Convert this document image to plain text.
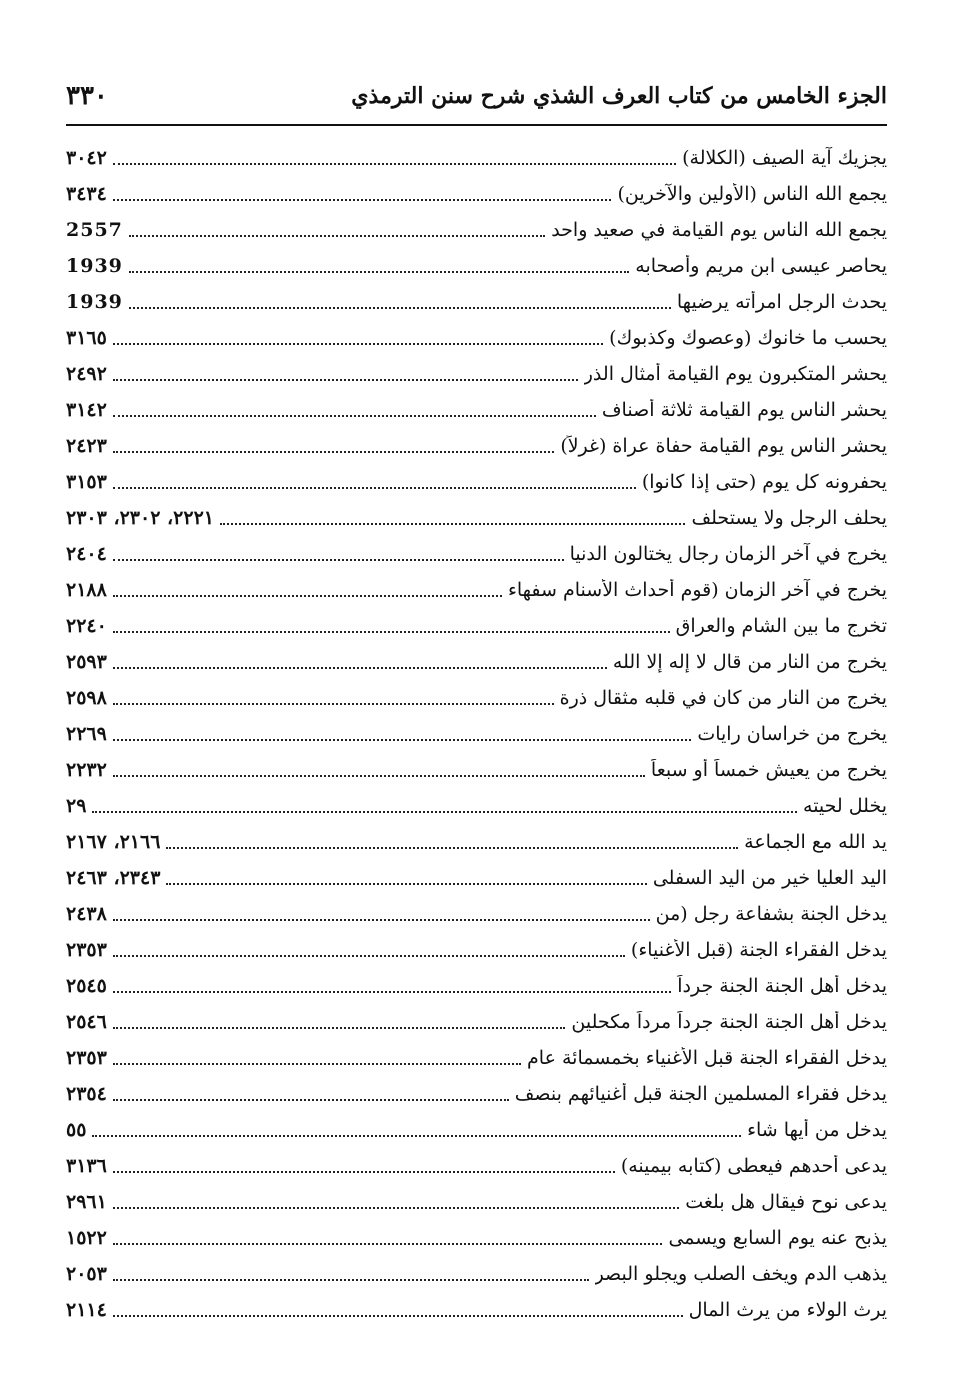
٣٣٠	الجزء الخامس من كتاب العرف الشذي شرح سنن الترمذي
يجزيك آية الصيف (الكلالة)
٣٠٤٢
يجمع الله الناس (الأولين والآخرين)
٣٤٣٤
يجمع الله الناس يوم القيامة في صعيد واحد
2557
يحاصر عيسى ابن مريم وأصحابه
1939
يحدث الرجل امرأته يرضيها
1939
يحسب ما خانوك (وعصوك وكذبوك)
٣١٦٥
يحشر المتكبرون يوم القيامة أمثال الذر
٢٤٩٢
يحشر الناس يوم القيامة ثلاثة أصناف
٣١٤٢
يحشر الناس يوم القيامة حفاة عراة (غرلاً)
٢٤٢٣
يحفرونه كل يوم (حتى إذا كانوا)
٣١٥٣
يحلف الرجل ولا يستحلف
٢٢٢١، ٢٣٠٢، ٢٣٠٣
يخرج في آخر الزمان رجال يختالون الدنيا
٢٤٠٤
يخرج في آخر الزمان (قوم أحداث الأسنام سفهاء
٢١٨٨
تخرج ما بين الشام والعراق
٢٢٤٠
يخرج من النار من قال لا إله إلا الله
٢٥٩٣
يخرج من النار من كان في قلبه مثقال ذرة
٢٥٩٨
يخرج من خراسان رايات
٢٢٦٩
يخرج من يعيش خمساً أو سبعاً
٢٢٣٢
يخلل لحيته
٢٩
يد الله مع الجماعة
٢١٦٦، ٢١٦٧
اليد العليا خير من اليد السفلى
٢٣٤٣، ٢٤٦٣
يدخل الجنة بشفاعة رجل (من
٢٤٣٨
يدخل الفقراء الجنة (قبل الأغنياء)
٢٣٥٣
يدخل أهل الجنة الجنة جرداً
٢٥٤٥
يدخل أهل الجنة الجنة جرداً مرداً مكحلين
٢٥٤٦
يدخل الفقراء الجنة قبل الأغنياء بخمسمائة عام
٢٣٥٣
يدخل فقراء المسلمين الجنة قبل أغنيائهم بنصف
٢٣٥٤
يدخل من أيها شاء
٥٥
يدعى أحدهم فيعطى (كتابه بيمينه)
٣١٣٦
يدعى نوح فيقال هل بلغت
٢٩٦١
يذبح عنه يوم السابع ويسمى
١٥٢٢
يذهب الدم ويخف الصلب ويجلو البصر
٢٠٥٣
يرث الولاء من يرث المال
٢١١٤
